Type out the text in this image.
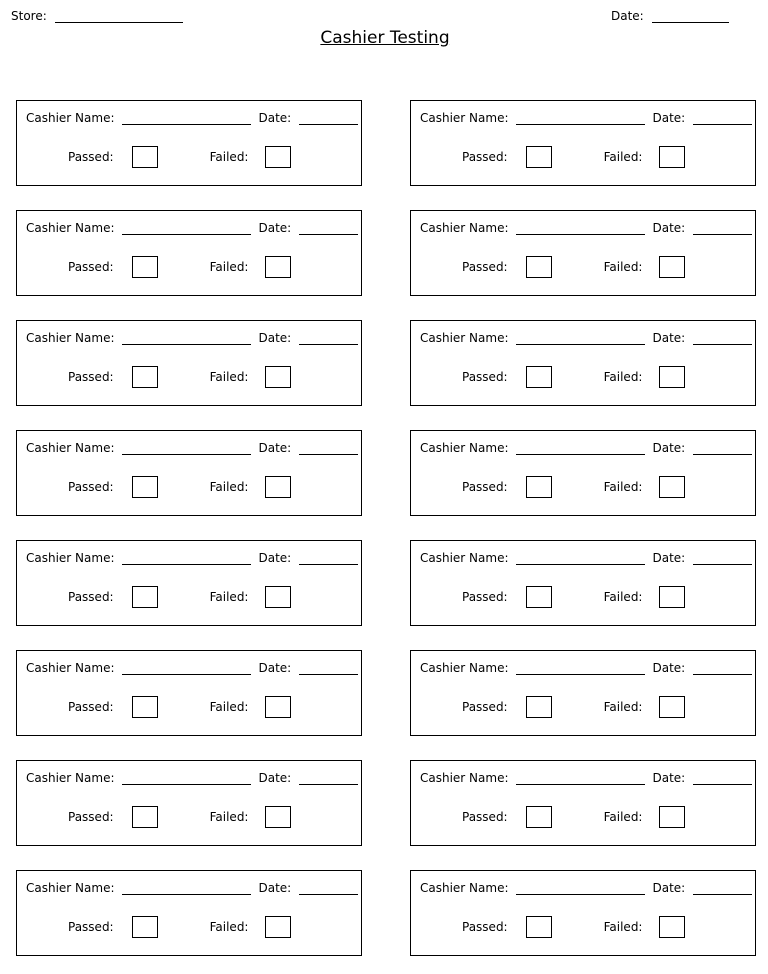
Store:	Date:
Cashier Testing
Cashier Name:	Date:
Passed:	Failed:
Cashier Name:	Date:
Passed:	Failed:
Cashier Name:	Date:
Passed:	Failed:
Cashier Name:	Date:
Passed:	Failed:
Cashier Name:	Date:
Passed:	Failed:
Cashier Name:	Date:
Passed:	Failed:
Cashier Name:	Date:
Passed:	Failed:
Cashier Name:	Date:
Passed:	Failed:
Cashier Name:	Date:
Passed:	Failed:
Cashier Name:	Date:
Passed:	Failed:
Cashier Name:	Date:
Passed:	Failed:
Cashier Name:	Date:
Passed:	Failed:
Cashier Name:	Date:
Passed:	Failed:
Cashier Name:	Date:
Passed:	Failed:
Cashier Name:	Date:
Passed:	Failed:
Cashier Name:	Date:
Passed:	Failed:
